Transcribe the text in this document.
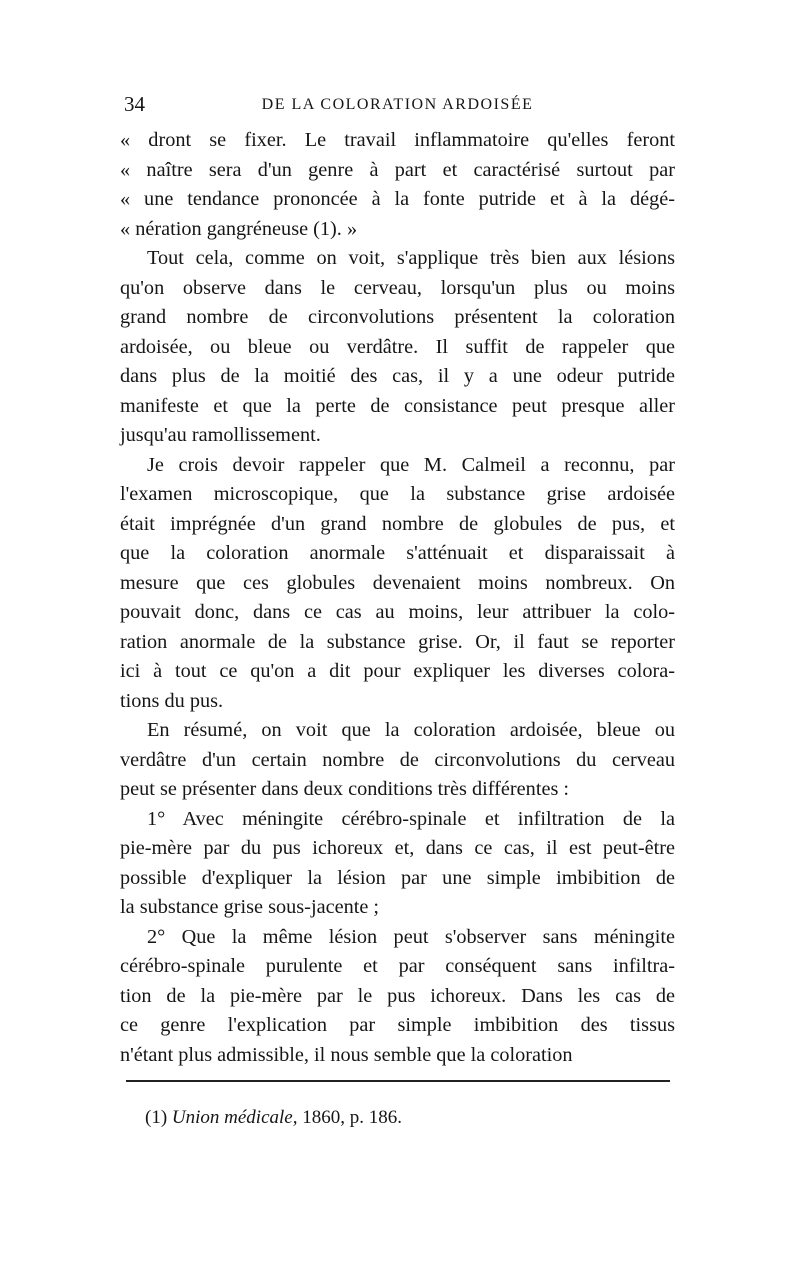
34	DE LA COLORATION ARDOISÉE
« dront se fixer. Le travail inflammatoire qu'elles feront
« naître sera d'un genre à part et caractérisé surtout par
« une tendance prononcée à la fonte putride et à la dégé-
« nération gangréneuse (1). »
Tout cela, comme on voit, s'applique très bien aux lésions
qu'on observe dans le cerveau, lorsqu'un plus ou moins
grand nombre de circonvolutions présentent la coloration
ardoisée, ou bleue ou verdâtre. Il suffit de rappeler que
dans plus de la moitié des cas, il y a une odeur putride
manifeste et que la perte de consistance peut presque aller
jusqu'au ramollissement.
Je crois devoir rappeler que M. Calmeil a reconnu, par
l'examen microscopique, que la substance grise ardoisée
était imprégnée d'un grand nombre de globules de pus, et
que la coloration anormale s'atténuait et disparaissait à
mesure que ces globules devenaient moins nombreux. On
pouvait donc, dans ce cas au moins, leur attribuer la colo-
ration anormale de la substance grise. Or, il faut se reporter
ici à tout ce qu'on a dit pour expliquer les diverses colora-
tions du pus.
En résumé, on voit que la coloration ardoisée, bleue ou
verdâtre d'un certain nombre de circonvolutions du cerveau
peut se présenter dans deux conditions très différentes :
1° Avec méningite cérébro-spinale et infiltration de la
pie-mère par du pus ichoreux et, dans ce cas, il est peut-être
possible d'expliquer la lésion par une simple imbibition de
la substance grise sous-jacente ;
2° Que la même lésion peut s'observer sans méningite
cérébro-spinale purulente et par conséquent sans infiltra-
tion de la pie-mère par le pus ichoreux. Dans les cas de
ce genre l'explication par simple imbibition des tissus
n'étant plus admissible, il nous semble que la coloration
(1) Union médicale, 1860, p. 186.
